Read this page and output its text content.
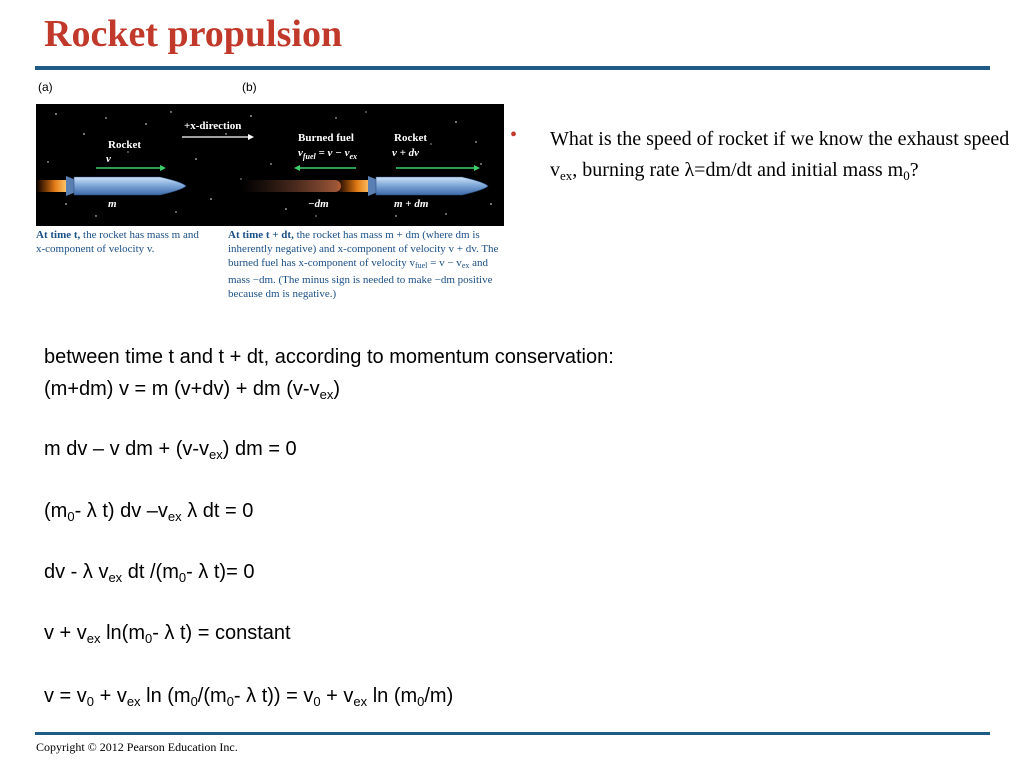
Rocket propulsion
(a)	(b)
Rocket
v
m
+x-direction
Burned fuel
$v_{fuel} = v - v_{ex}$
−dm
Rocket
v + dv
m + dm
At time t, the rocket has mass m and x-component of velocity v.
At time t + dt, the rocket has mass m + dm (where dm is inherently negative) and x-component of velocity v + dv. The burned fuel has x-component of velocity $v_{fuel} = v - v_{ex}$ and mass −dm. (The minus sign is needed to make −dm positive because dm is negative.)
• What is the speed of rocket if we know the exhaust speed $v_{ex}$, burning rate λ=dm/dt and initial mass $m_0$?
between time t and t + dt, according to momentum conservation:
(m+dm) v = m (v+dv) + dm $(v-v_{ex})$
m dv – v dm + $(v-v_{ex})$ dm = 0
($m_0-$ λ t) dv $-v_{ex}$ λ dt = 0
dv - λ $v_{ex}$ dt $/(m_0-$ λ t)= 0
$v + v_{ex}$ $\ln(m_0-$ λ t) = constant
$v = v_0 + v_{ex}$ $\ln (m_0/(m_0-$ λ $t)) = v_0 + v_{ex}$ $\ln (m_0/m)$
Copyright © 2012 Pearson Education Inc.
